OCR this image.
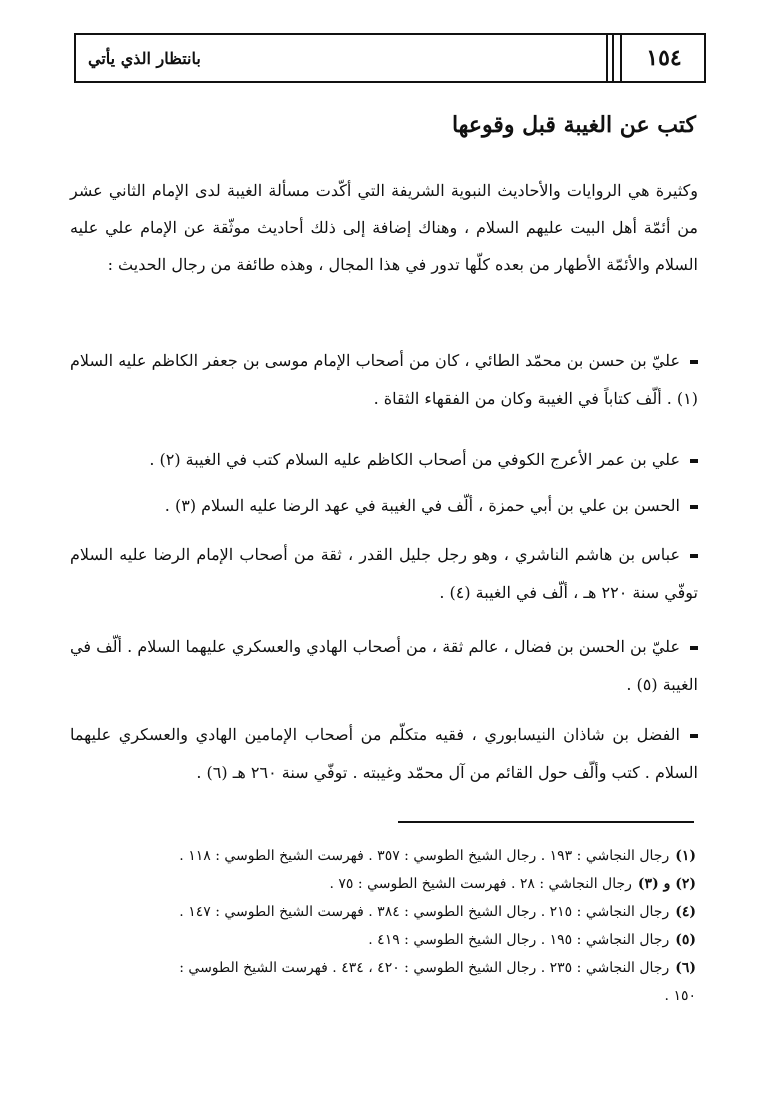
١٥٤
بانتظار الذي يأتي
كتب عن الغيبة قبل وقوعها
وكثيرة هي الروايات والأحاديث النبوية الشريفة التي أكّدت مسألة الغيبة لدى الإمام الثاني عشر من أئمّة أهل البيت عليهم السلام ، وهناك إضافة إلى ذلك أحاديث موثّقة عن الإمام علي عليه السلام والأئمّة الأطهار من بعده كلّها تدور في هذا المجال ، وهذه طائفة من رجال الحديث :
عليّ بن حسن بن محمّد الطائي ، كان من أصحاب الإمام موسى بن جعفر الكاظم عليه السلام (١) . ألّف كتاباً في الغيبة وكان من الفقهاء الثقاة .
علي بن عمر الأعرج الكوفي من أصحاب الكاظم عليه السلام كتب في الغيبة (٢) .
الحسن بن علي بن أبي حمزة ، ألّف في الغيبة في عهد الرضا عليه السلام (٣) .
عباس بن هاشم الناشري ، وهو رجل جليل القدر ، ثقة من أصحاب الإمام الرضا عليه السلام توفّي سنة ٢٢٠ هـ ، ألّف في الغيبة (٤) .
عليّ بن الحسن بن فضال ، عالم ثقة ، من أصحاب الهادي والعسكري عليهما السلام . ألّف في الغيبة (٥) .
الفضل بن شاذان النيسابوري ، فقيه متكلّم من أصحاب الإمامين الهادي والعسكري عليهما السلام . كتب وألّف حول القائم من آل محمّد وغيبته . توفّي سنة ٢٦٠ هـ (٦) .
(١)رجال النجاشي : ١٩٣ . رجال الشيخ الطوسي : ٣٥٧ . فهرست الشيخ الطوسي : ١١٨ .
(٢) و (٣)رجال النجاشي : ٢٨ . فهرست الشيخ الطوسي : ٧٥ .
(٤)رجال النجاشي : ٢١٥ . رجال الشيخ الطوسي : ٣٨٤ . فهرست الشيخ الطوسي : ١٤٧ .
(٥)رجال النجاشي : ١٩٥ . رجال الشيخ الطوسي : ٤١٩ .
(٦)رجال النجاشي : ٢٣٥ . رجال الشيخ الطوسي : ٤٢٠ ، ٤٣٤ . فهرست الشيخ الطوسي :
١٥٠ .
